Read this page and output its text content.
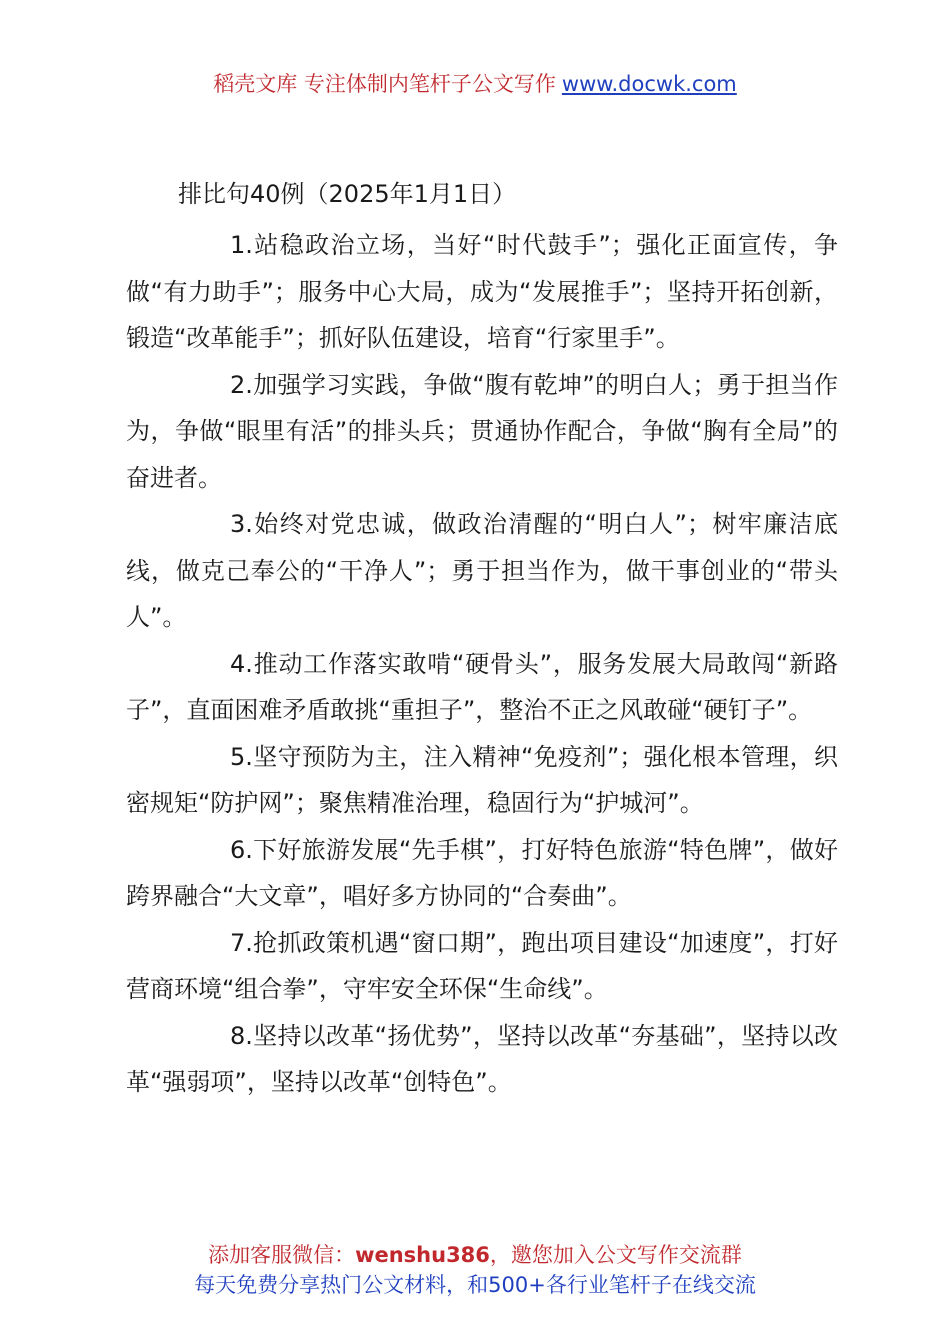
稻壳文库 专注体制内笔杆子公文写作 www.docwk.com
排比句40例（2025年1月1日）

1.站稳政治立场，当好“时代鼓手”；强化正面宣传，争做“有力助手”；服务中心大局，成为“发展推手”；坚持开拓创新，锻造“改革能手”；抓好队伍建设，培育“行家里手”。

2.加强学习实践，争做“腹有乾坤”的明白人；勇于担当作为，争做“眼里有活”的排头兵；贯通协作配合，争做“胸有全局”的奋进者。

3.始终对党忠诚，做政治清醒的“明白人”；树牢廉洁底线，做克己奉公的“干净人”；勇于担当作为，做干事创业的“带头人”。

4.推动工作落实敢啃“硬骨头”，服务发展大局敢闯“新路子”，直面困难矛盾敢挑“重担子”，整治不正之风敢碰“硬钉子”。

5.坚守预防为主，注入精神“免疫剂”；强化根本管理，织密规矩“防护网”；聚焦精准治理，稳固行为“护城河”。

6.下好旅游发展“先手棋”，打好特色旅游“特色牌”，做好跨界融合“大文章”，唱好多方协同的“合奏曲”。

7.抢抓政策机遇“窗口期”，跑出项目建设“加速度”，打好营商环境“组合拳”，守牢安全环保“生命线”。

8.坚持以改革“扬优势”，坚持以改革“夯基础”，坚持以改革“强弱项”，坚持以改革“创特色”。

添加客服微信：wenshu386，邀您加入公文写作交流群
每天免费分享热门公文材料，和500+各行业笔杆子在线交流
